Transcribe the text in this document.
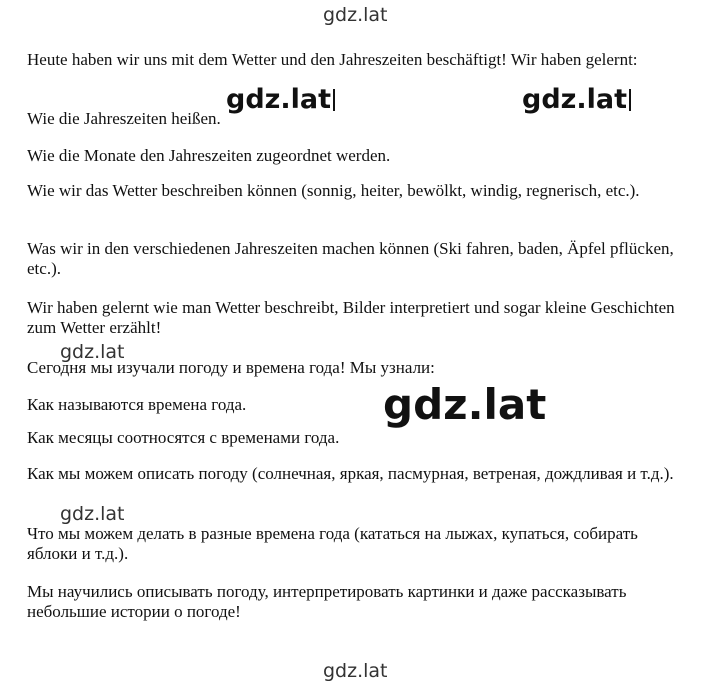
gdz.lat

Heute haben wir uns mit dem Wetter und den Jahreszeiten beschäftigt! Wir haben gelernt:

Wie die Jahreszeiten heißen.

Wie die Monate den Jahreszeiten zugeordnet werden.

Wie wir das Wetter beschreiben können (sonnig, heiter, bewölkt, windig, regnerisch, etc.).

Was wir in den verschiedenen Jahreszeiten machen können (Ski fahren, baden, Äpfel pflücken, etc.).

Wir haben gelernt wie man Wetter beschreibt, Bilder interpretiert und sogar kleine Geschichten zum Wetter erzählt!

gdz.lat	gdz.lat
gdz.lat

Сегодня мы изучали погоду и времена года! Мы узнали:

Как называются времена года.

Как месяцы соотносятся с временами года.

gdz.lat

Как мы можем описать погоду (солнечная, яркая, пасмурная, ветреная, дождливая и т.д.).

gdz.lat

Что мы можем делать в разные времена года (кататься на лыжах, купаться, собирать яблоки и т.д.).

Мы научились описывать погоду, интерпретировать картинки и даже рассказывать небольшие истории о погоде!

gdz.lat
